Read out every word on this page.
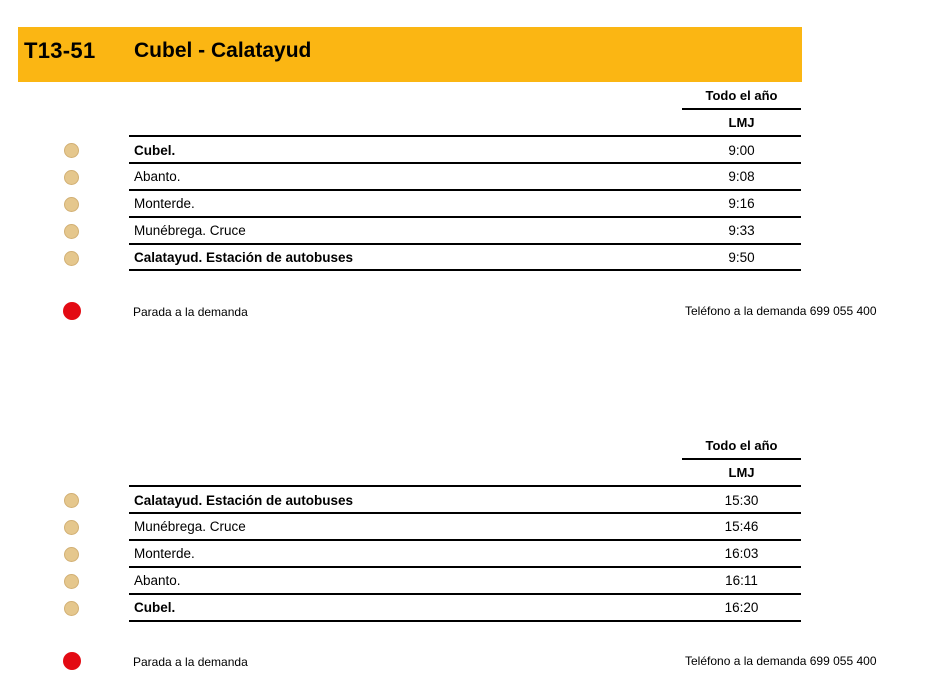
T13-51 Cubel - Calatayud
Todo el año
LMJ
Cubel.	9:00
Abanto.	9:08
Monterde.	9:16
Munébrega. Cruce	9:33
Calatayud. Estación de autobuses	9:50
Parada a la demanda	Teléfono a la demanda 699 055 400
Todo el año
LMJ
Calatayud. Estación de autobuses	15:30
Munébrega. Cruce	15:46
Monterde.	16:03
Abanto.	16:11
Cubel.	16:20
Parada a la demanda	Teléfono a la demanda 699 055 400
